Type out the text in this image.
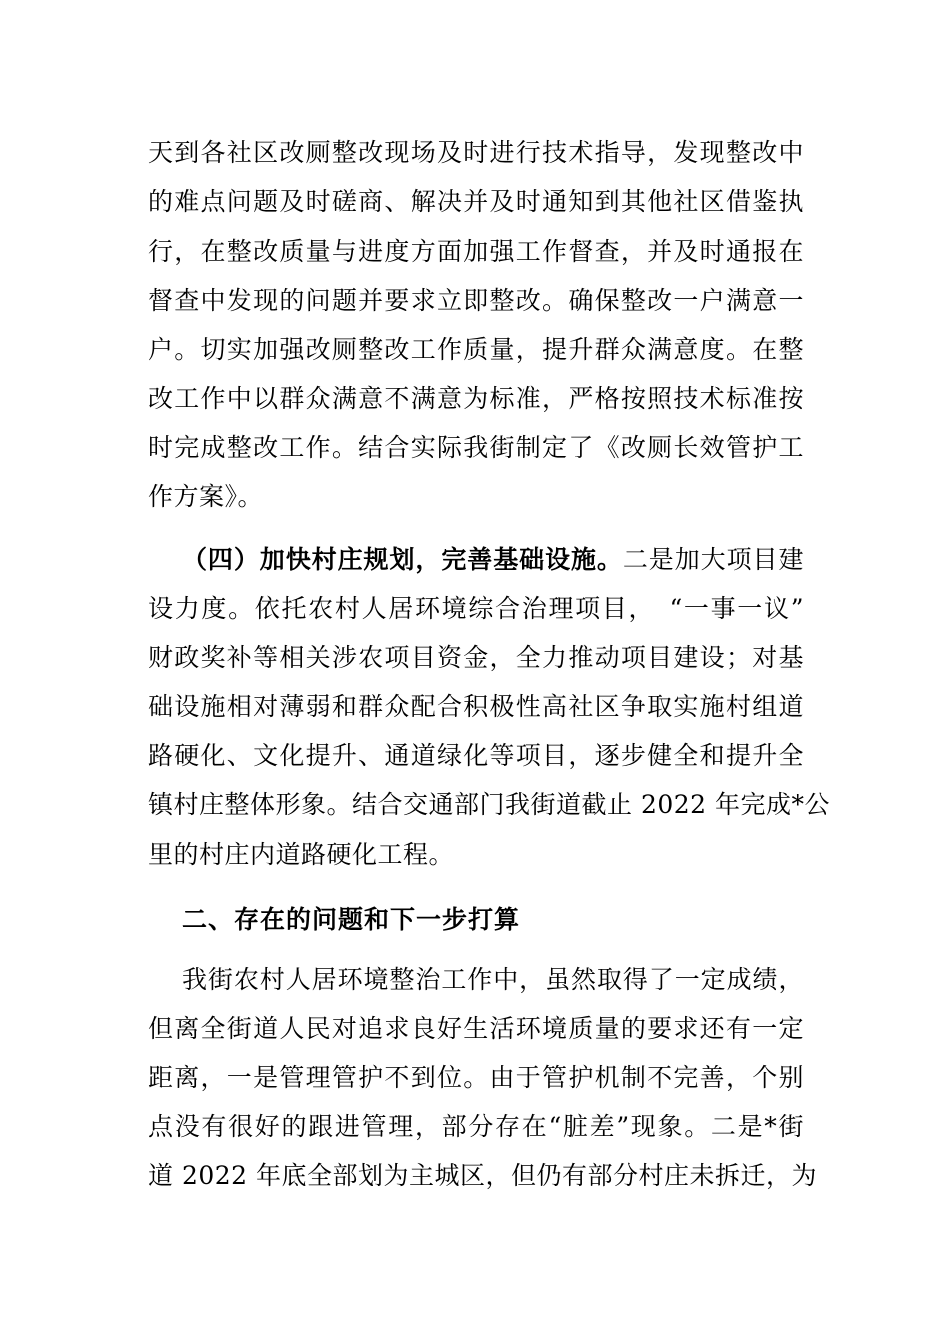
天到各社区改厕整改现场及时进行技术指导，发现整改中
的难点问题及时磋商、解决并及时通知到其他社区借鉴执
行，在整改质量与进度方面加强工作督查，并及时通报在
督查中发现的问题并要求立即整改。确保整改一户满意一
户。切实加强改厕整改工作质量，提升群众满意度。在整
改工作中以群众满意不满意为标准，严格按照技术标准按
时完成整改工作。结合实际我街制定了《改厕长效管护工
作方案》。
（四）加快村庄规划，完善基础设施。二是加大项目建
设力度。依托农村人居环境综合治理项目，　“一事一议”
财政奖补等相关涉农项目资金，全力推动项目建设；对基
础设施相对薄弱和群众配合积极性高社区争取实施村组道
路硬化、文化提升、通道绿化等项目，逐步健全和提升全
镇村庄整体形象。结合交通部门我街道截止 2022 年完成*公
里的村庄内道路硬化工程。
二、存在的问题和下一步打算
我街农村人居环境整治工作中，虽然取得了一定成绩，
但离全街道人民对追求良好生活环境质量的要求还有一定
距离，一是管理管护不到位。由于管护机制不完善，个别
点没有很好的跟进管理，部分存在“脏差”现象。二是*街
道 2022 年底全部划为主城区，但仍有部分村庄未拆迁，为
